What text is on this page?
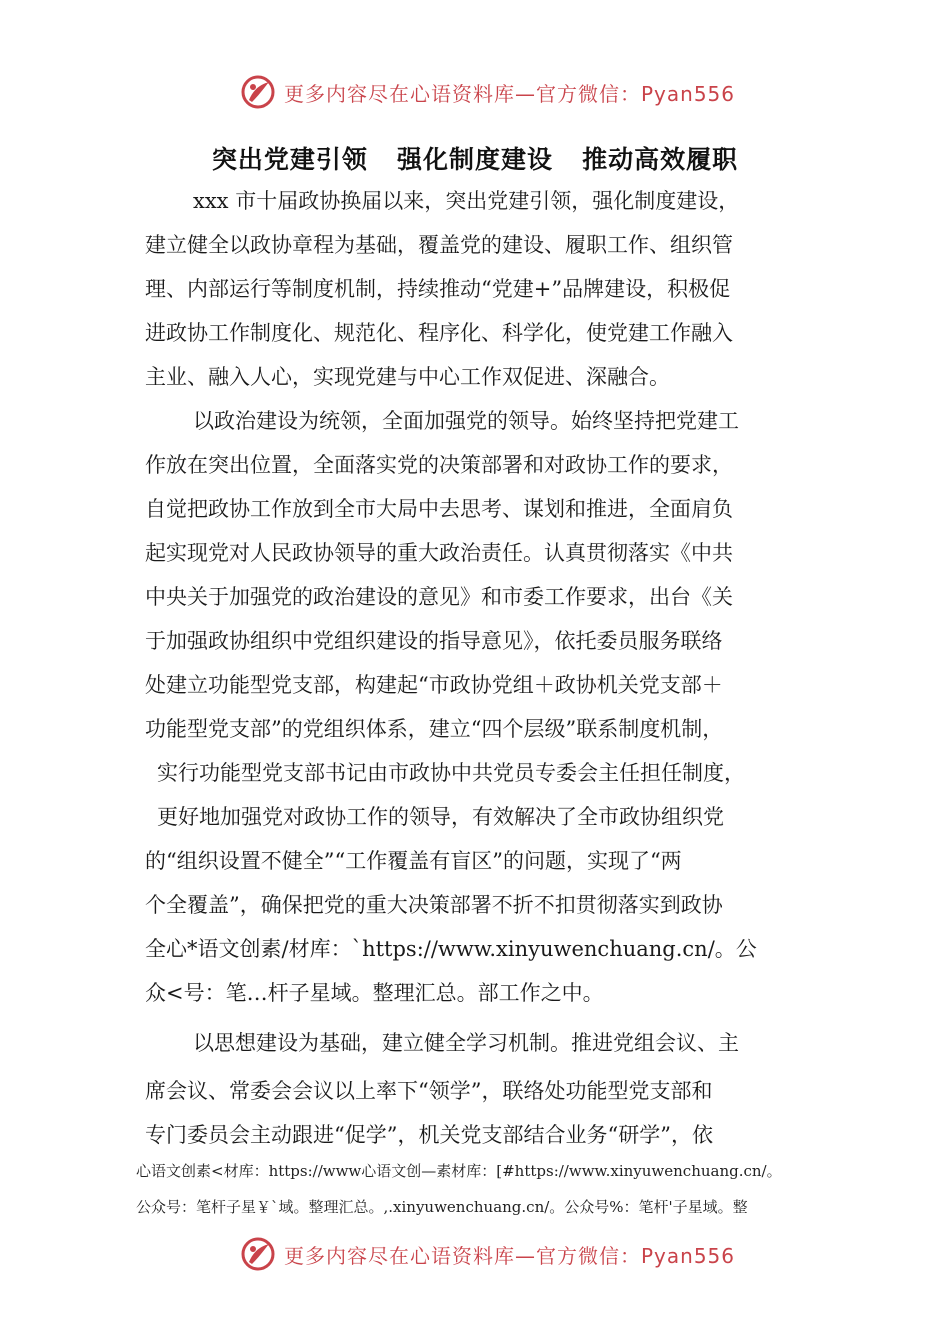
更多内容尽在心语资料库—官方微信：Pyan556
突出党建引领   强化制度建设   推动高效履职
xxx 市十届政协换届以来，突出党建引领，强化制度建设，
建立健全以政协章程为基础，覆盖党的建设、履职工作、组织管
理、内部运行等制度机制，持续推动“党建+”品牌建设，积极促
进政协工作制度化、规范化、程序化、科学化，使党建工作融入
主业、融入人心，实现党建与中心工作双促进、深融合。
以政治建设为统领，全面加强党的领导。始终坚持把党建工
作放在突出位置，全面落实党的决策部署和对政协工作的要求，
自觉把政协工作放到全市大局中去思考、谋划和推进，全面肩负
起实现党对人民政协领导的重大政治责任。认真贯彻落实《中共
中央关于加强党的政治建设的意见》和市委工作要求，出台《关
于加强政协组织中党组织建设的指导意见》，依托委员服务联络
处建立功能型党支部，构建起“市政协党组＋政协机关党支部＋
功能型党支部”的党组织体系，建立“四个层级”联系制度机制，
实行功能型党支部书记由市政协中共党员专委会主任担任制度，
更好地加强党对政协工作的领导，有效解决了全市政协组织党
的“组织设置不健全”“工作覆盖有盲区”的问题，实现了“两
个全覆盖”，确保把党的重大决策部署不折不扣贯彻落实到政协
全心*语文创素/材库：`https://www.xinyuwenchuang.cn/。公
众<号：笔…杆子星域。整理汇总。部工作之中。
以思想建设为基础，建立健全学习机制。推进党组会议、主
席会议、常委会会议以上率下“领学”，联络处功能型党支部和
专门委员会主动跟进“促学”，机关党支部结合业务“研学”，依
心语文创素<材库：https://www心语文创—素材库：[#https://www.xinyuwenchuang.cn/。
公众号：笔杆子星￥`域。整理汇总。,.xinyuwenchuang.cn/。公众号%：笔杆'子星域。整
更多内容尽在心语资料库—官方微信：Pyan556
